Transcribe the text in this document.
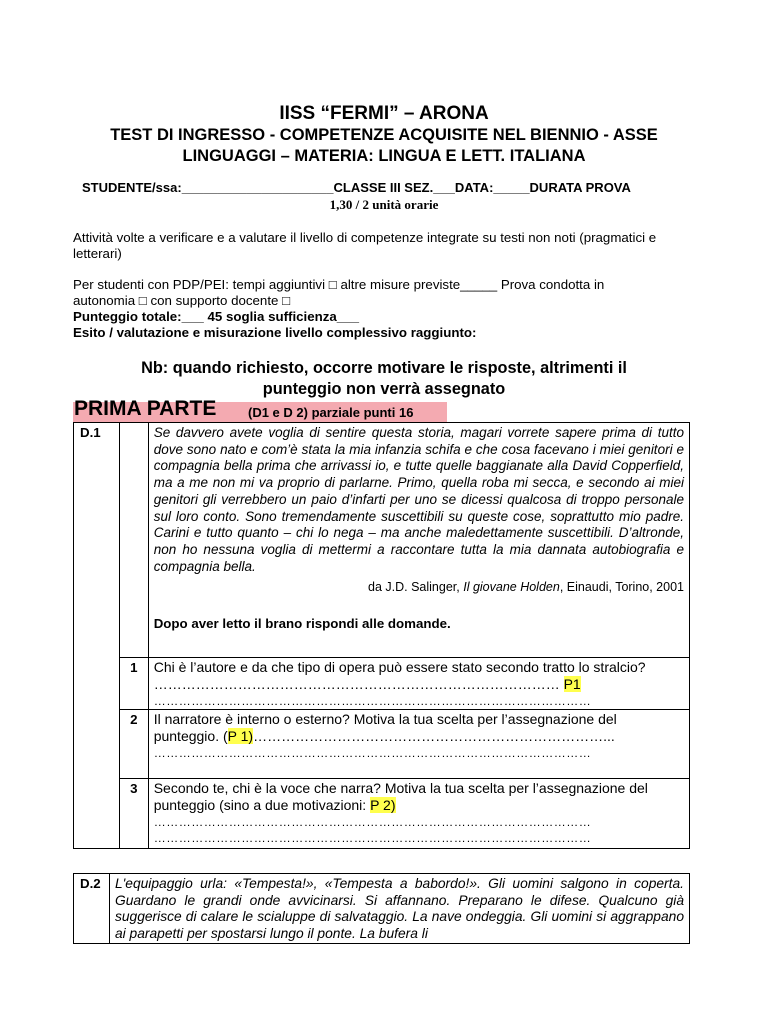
IISS “FERMI” – ARONA
TEST DI INGRESSO - COMPETENZE ACQUISITE NEL BIENNIO - ASSE
LINGUAGGI – MATERIA: LINGUA E LETT. ITALIANA
STUDENTE/ssa:_____________________CLASSE III SEZ.___DATA:_____DURATA PROVA
1,30 / 2 unità orarie
Attività volte a verificare e a valutare il livello di competenze integrate su testi non noti (pragmatici e letterari)
Per studenti con PDP/PEI: tempi aggiuntivi □ altre misure previste_____ Prova condotta in
autonomia □ con supporto docente □
Punteggio totale:___ 45 soglia sufficienza___
Esito / valutazione e misurazione livello complessivo raggiunto:
Nb: quando richiesto, occorre motivare le risposte, altrimenti il
punteggio non verrà assegnato
PRIMA PARTE (D1 e D 2) parziale punti 16
D.1		Se davvero avete voglia di sentire questa storia, magari vorrete sapere prima di tutto dove sono nato e com’è stata la mia infanzia schifa e che cosa facevano i miei genitori e compagnia bella prima che arrivassi io, e tutte quelle baggianate alla David Copperfield, ma a me non mi va proprio di parlarne. Primo, quella roba mi secca, e secondo ai miei genitori gli verrebbero un paio d’infarti per uno se dicessi qualcosa di troppo personale sul loro conto. Sono tremendamente suscettibili su queste cose, soprattutto mio padre. Carini e tutto quanto – chi lo nega – ma anche maledettamente suscettibili. D’altronde, non ho nessuna voglia di mettermi a raccontare tutta la mia dannata autobiografia e compagnia bella.
da J.D. Salinger, Il giovane Holden, Einaudi, Torino, 2001
Dopo aver letto il brano rispondi alle domande.

	1	Chi è l’autore e da che tipo di opera può essere stato secondo tratto lo stralcio? …………………………………………………………………………… P1
……………………………………………………………………………………………

	2	Il narratore è interno o esterno? Motiva la tua scelta per l’assegnazione del punteggio. (P 1)…………………………………………………………………...
……………………………………………………………………………………………

	3	Secondo te, chi è la voce che narra? Motiva la tua scelta per l’assegnazione del punteggio (sino a due motivazioni: P 2)
……………………………………………………………………………………………
……………………………………………………………………………………………
D.2	L'equipaggio urla: «Tempesta!», «Tempesta a babordo!». Gli uomini salgono in coperta. Guardano le grandi onde avvicinarsi. Si affannano. Preparano le difese. Qualcuno già suggerisce di calare le scialuppe di salvataggio. La nave ondeggia. Gli uomini si aggrappano ai parapetti per spostarsi lungo il ponte. La bufera li
